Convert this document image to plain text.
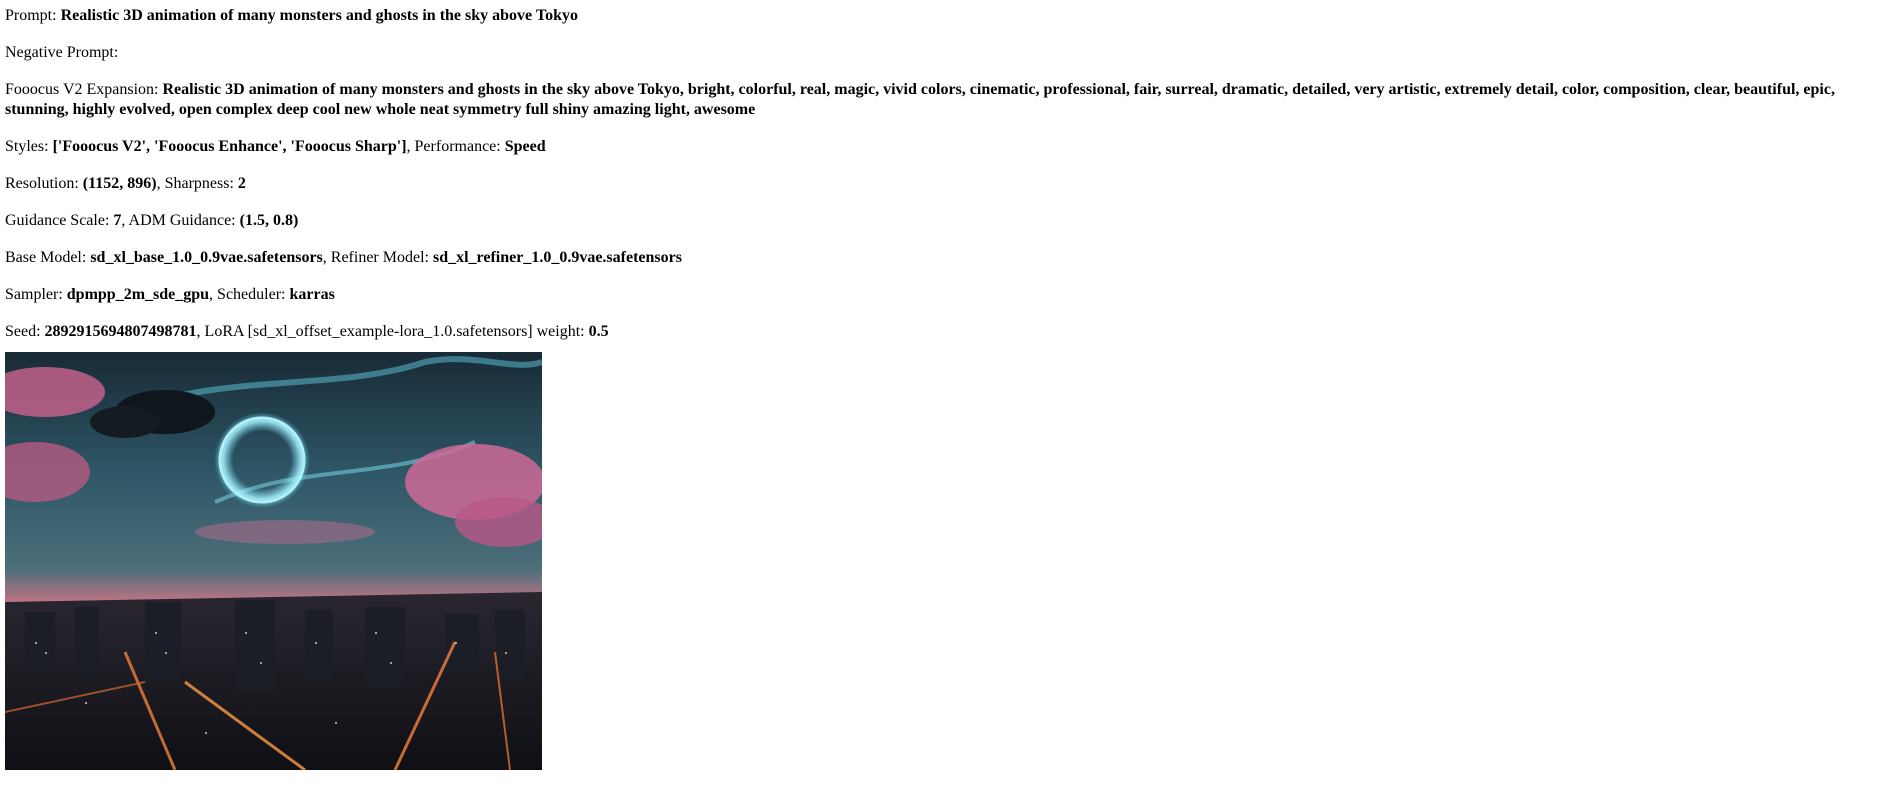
Prompt: Realistic 3D animation of many monsters and ghosts in the sky above Tokyo
Negative Prompt:
Fooocus V2 Expansion: Realistic 3D animation of many monsters and ghosts in the sky above Tokyo, bright, colorful, real, magic, vivid colors, cinematic, professional, fair, surreal, dramatic, detailed, very artistic, extremely detail, color, composition, clear, beautiful, epic, stunning, highly evolved, open complex deep cool new whole neat symmetry full shiny amazing light, awesome
Styles: ['Fooocus V2', 'Fooocus Enhance', 'Fooocus Sharp'], Performance: Speed
Resolution: (1152, 896), Sharpness: 2
Guidance Scale: 7, ADM Guidance: (1.5, 0.8)
Base Model: sd_xl_base_1.0_0.9vae.safetensors, Refiner Model: sd_xl_refiner_1.0_0.9vae.safetensors
Sampler: dpmpp_2m_sde_gpu, Scheduler: karras
Seed: 2892915694807498781, LoRA [sd_xl_offset_example-lora_1.0.safetensors] weight: 0.5
